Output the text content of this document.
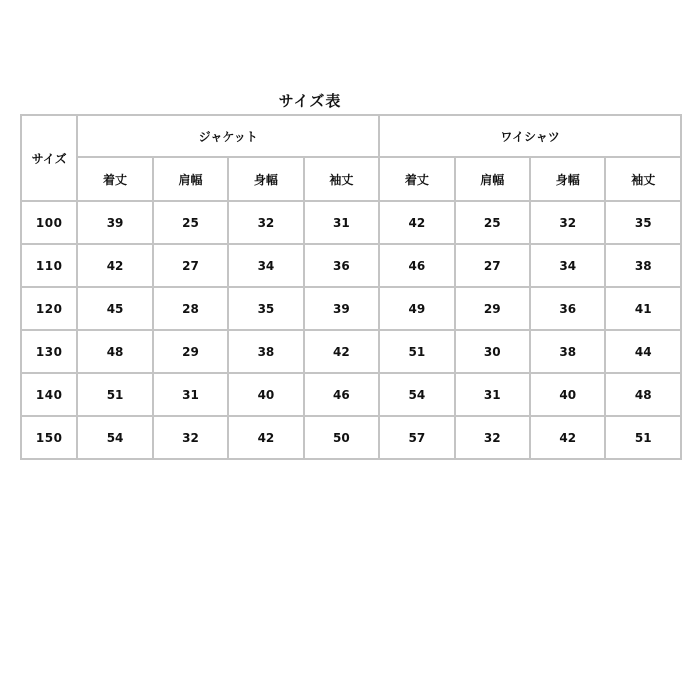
サイズ表
サイズ	ジャケット				ワイシャツ			
	着丈	肩幅	身幅	袖丈	着丈	肩幅	身幅	袖丈
100	39	25	32	31	42	25	32	35
110	42	27	34	36	46	27	34	38
120	45	28	35	39	49	29	36	41
130	48	29	38	42	51	30	38	44
140	51	31	40	46	54	31	40	48
150	54	32	42	50	57	32	42	51
